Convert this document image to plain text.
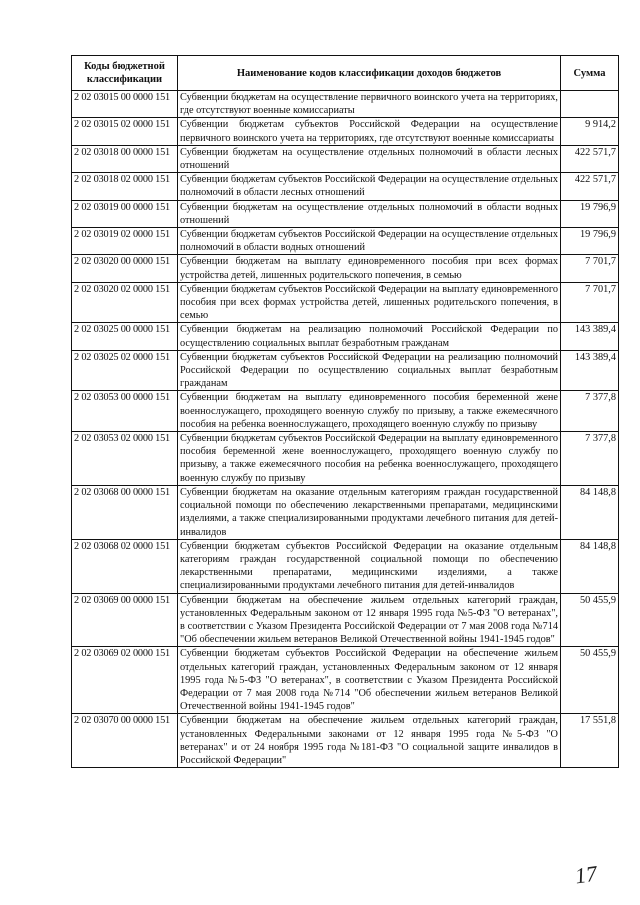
Коды бюджетной классификации	Наименование кодов классификации доходов бюджетов	Сумма
2 02 03015 00 0000 151	Субвенции бюджетам на осуществление первичного воинского учета на территориях, где отсутствуют военные комиссариаты	
2 02 03015 02 0000 151	Субвенции бюджетам субъектов Российской Федерации на осуществление первичного воинского учета на территориях, где отсутствуют военные комиссариаты	9 914,2
2 02 03018 00 0000 151	Субвенции бюджетам на осуществление отдельных полномочий в области лесных отношений	422 571,7
2 02 03018 02 0000 151	Субвенции бюджетам субъектов Российской Федерации на осуществление отдельных полномочий в области лесных отношений	422 571,7
2 02 03019 00 0000 151	Субвенции бюджетам на осуществление отдельных полномочий в области водных отношений	19 796,9
2 02 03019 02 0000 151	Субвенции бюджетам субъектов Российской Федерации на осуществление отдельных полномочий в области водных отношений	19 796,9
2 02 03020 00 0000 151	Субвенции бюджетам на выплату единовременного пособия при всех формах устройства детей, лишенных родительского попечения, в семью	7 701,7
2 02 03020 02 0000 151	Субвенции бюджетам субъектов Российской Федерации на выплату единовременного пособия при всех формах устройства детей, лишенных родительского попечения, в семью	7 701,7
2 02 03025 00 0000 151	Субвенции бюджетам на реализацию полномочий Российской Федерации по осуществлению социальных выплат безработным гражданам	143 389,4
2 02 03025 02 0000 151	Субвенции бюджетам субъектов Российской Федерации на реализацию полномочий Российской Федерации по осуществлению социальных выплат безработным гражданам	143 389,4
2 02 03053 00 0000 151	Субвенции бюджетам на выплату единовременного пособия беременной жене военнослужащего, проходящего военную службу по призыву, а также ежемесячного пособия на ребенка военнослужащего, проходящего военную службу по призыву	7 377,8
2 02 03053 02 0000 151	Субвенции бюджетам субъектов Российской Федерации на выплату единовременного пособия беременной жене военнослужащего, проходящего военную службу по призыву, а также ежемесячного пособия на ребенка военнослужащего, проходящего военную службу по призыву	7 377,8
2 02 03068 00 0000 151	Субвенции бюджетам на оказание отдельным категориям граждан государственной социальной помощи по обеспечению лекарственными препаратами, медицинскими изделиями, а также специализированными продуктами лечебного питания для детей-инвалидов	84 148,8
2 02 03068 02 0000 151	Субвенции бюджетам субъектов Российской Федерации на оказание отдельным категориям граждан государственной социальной помощи по обеспечению лекарственными препаратами, медицинскими изделиями, а также специализированными продуктами лечебного питания для детей-инвалидов	84 148,8
2 02 03069 00 0000 151	Субвенции бюджетам на обеспечение жильем отдельных категорий граждан, установленных Федеральным законом от 12 января 1995 года №5-ФЗ "О ветеранах", в соответствии с Указом Президента Российской Федерации от 7 мая 2008 года №714 "Об обеспечении жильем ветеранов Великой Отечественной войны 1941-1945 годов"	50 455,9
2 02 03069 02 0000 151	Субвенции бюджетам субъектов Российской Федерации на обеспечение жильем отдельных категорий граждан, установленных Федеральным законом от 12 января 1995 года №5-ФЗ "О ветеранах", в соответствии с Указом Президента Российской Федерации от 7 мая 2008 года №714 "Об обеспечении жильем ветеранов Великой Отечественной войны 1941-1945 годов"	50 455,9
2 02 03070 00 0000 151	Субвенции бюджетам на обеспечение жильем отдельных категорий граждан, установленных Федеральными законами от 12 января 1995 года №5-ФЗ "О ветеранах" и от 24 ноября 1995 года №181-ФЗ "О социальной защите инвалидов в Российской Федерации"	17 551,8
17
